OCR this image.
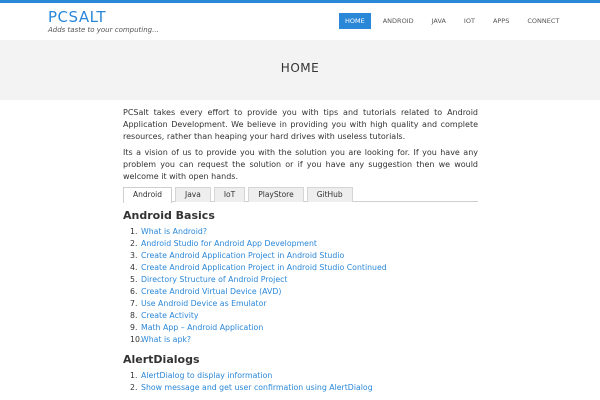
PCSALT
Adds taste to your computing...
HOME	ANDROID	JAVA	IOT	APPS	CONNECT
HOME

PCSalt takes every effort to provide you with tips and tutorials related to Android Application Development. We believe in providing you with high quality and complete resources, rather than heaping your hard drives with useless tutorials.

Its a vision of us to provide you with the solution you are looking for. If you have any problem you can request the solution or if you have any suggestion then we would welcome it with open hands.

Android	Java	IoT	PlayStore	GitHub
Android Basics
1. What is Android?
2. Android Studio for Android App Development
3. Create Android Application Project in Android Studio
4. Create Android Application Project in Android Studio Continued
5. Directory Structure of Android Project
6. Create Android Virtual Device (AVD)
7. Use Android Device as Emulator
8. Create Activity
9. Math App – Android Application
10.What is apk?
AlertDialogs
1. AlertDialog to display information
2. Show message and get user confirmation using AlertDialog
